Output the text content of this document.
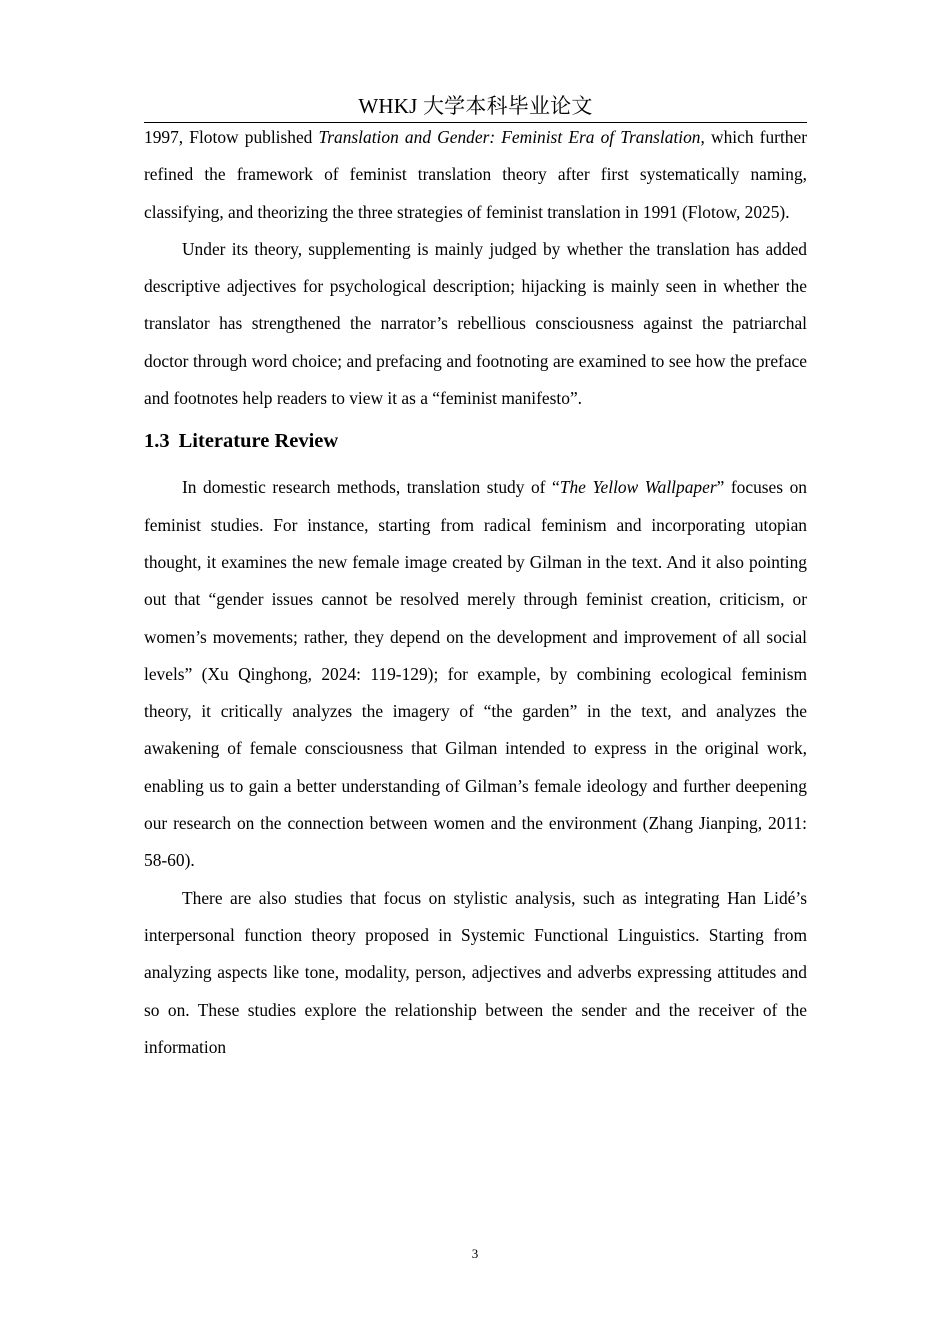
WHKJ 大学本科毕业论文

1997, Flotow published Translation and Gender: Feminist Era of Translation, which further refined the framework of feminist translation theory after first systematically naming, classifying, and theorizing the three strategies of feminist translation in 1991 (Flotow, 2025).

Under its theory, supplementing is mainly judged by whether the translation has added descriptive adjectives for psychological description; hijacking is mainly seen in whether the translator has strengthened the narrator’s rebellious consciousness against the patriarchal doctor through word choice; and prefacing and footnoting are examined to see how the preface and footnotes help readers to view it as a “feminist manifesto”.

1.3 Literature Review

In domestic research methods, translation study of “The Yellow Wallpaper” focuses on feminist studies. For instance, starting from radical feminism and incorporating utopian thought, it examines the new female image created by Gilman in the text. And it also pointing out that “gender issues cannot be resolved merely through feminist creation, criticism, or women’s movements; rather, they depend on the development and improvement of all social levels” (Xu Qinghong, 2024: 119-129); for example, by combining ecological feminism theory, it critically analyzes the imagery of “the garden” in the text, and analyzes the awakening of female consciousness that Gilman intended to express in the original work, enabling us to gain a better understanding of Gilman’s female ideology and further deepening our research on the connection between women and the environment (Zhang Jianping, 2011: 58-60).

There are also studies that focus on stylistic analysis, such as integrating Han Lidé’s interpersonal function theory proposed in Systemic Functional Linguistics. Starting from analyzing aspects like tone, modality, person, adjectives and adverbs expressing attitudes and so on. These studies explore the relationship between the sender and the receiver of the information

3
